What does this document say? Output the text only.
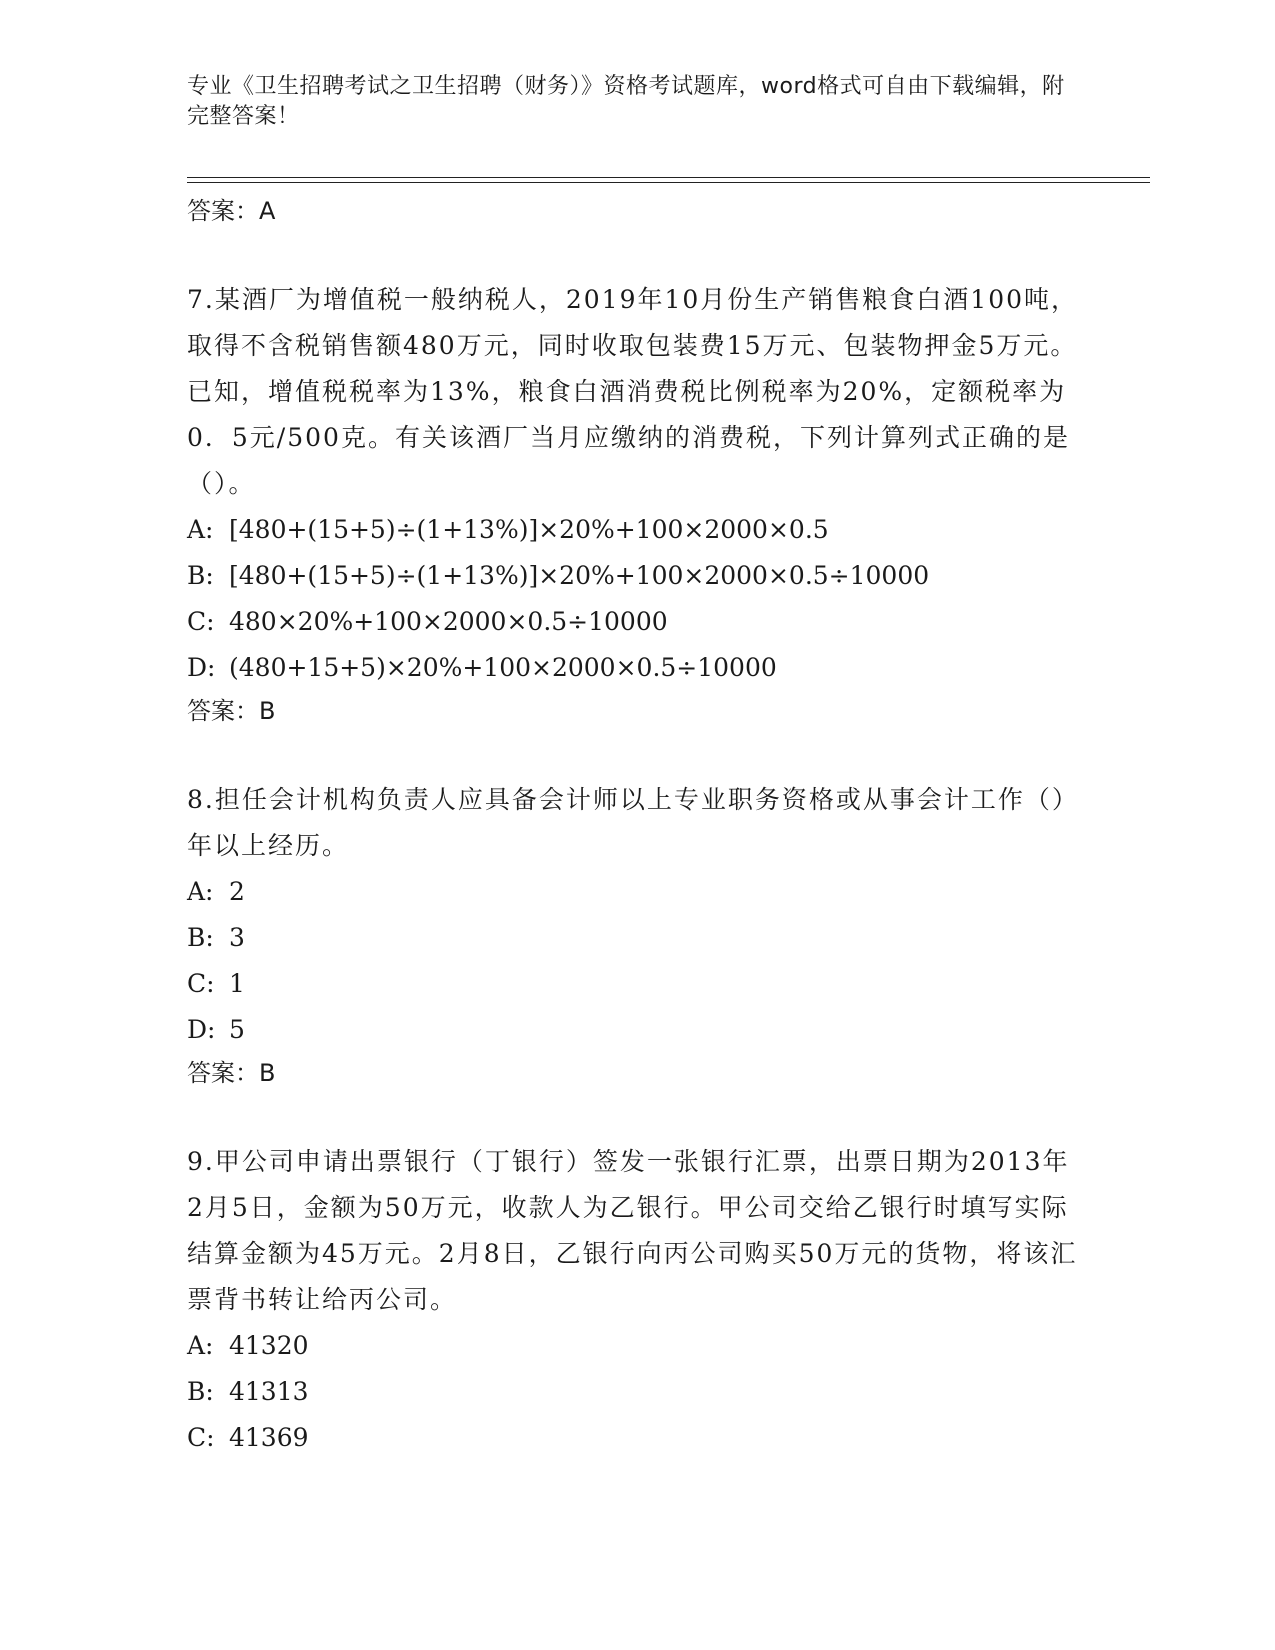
专业《卫生招聘考试之卫生招聘（财务）》资格考试题库，word格式可自由下载编辑，附完整答案！

答案：A

7.某酒厂为增值税一般纳税人，2019年10月份生产销售粮食白酒100吨，取得不含税销售额480万元，同时收取包装费15万元、包装物押金5万元。已知，增值税税率为13%，粮食白酒消费税比例税率为20%，定额税率为0．5元/500克。有关该酒厂当月应缴纳的消费税，下列计算列式正确的是（）。

A: [480+(15+5)÷(1+13%)]×20%+100×2000×0.5

B: [480+(15+5)÷(1+13%)]×20%+100×2000×0.5÷10000

C: 480×20%+100×2000×0.5÷10000

D: (480+15+5)×20%+100×2000×0.5÷10000

答案：B

8.担任会计机构负责人应具备会计师以上专业职务资格或从事会计工作（）年以上经历。

A: 2

B: 3

C: 1

D: 5

答案：B

9.甲公司申请出票银行（丁银行）签发一张银行汇票，出票日期为2013年2月5日，金额为50万元，收款人为乙银行。甲公司交给乙银行时填写实际结算金额为45万元。2月8日，乙银行向丙公司购买50万元的货物，将该汇票背书转让给丙公司。

A: 41320

B: 41313

C: 41369
